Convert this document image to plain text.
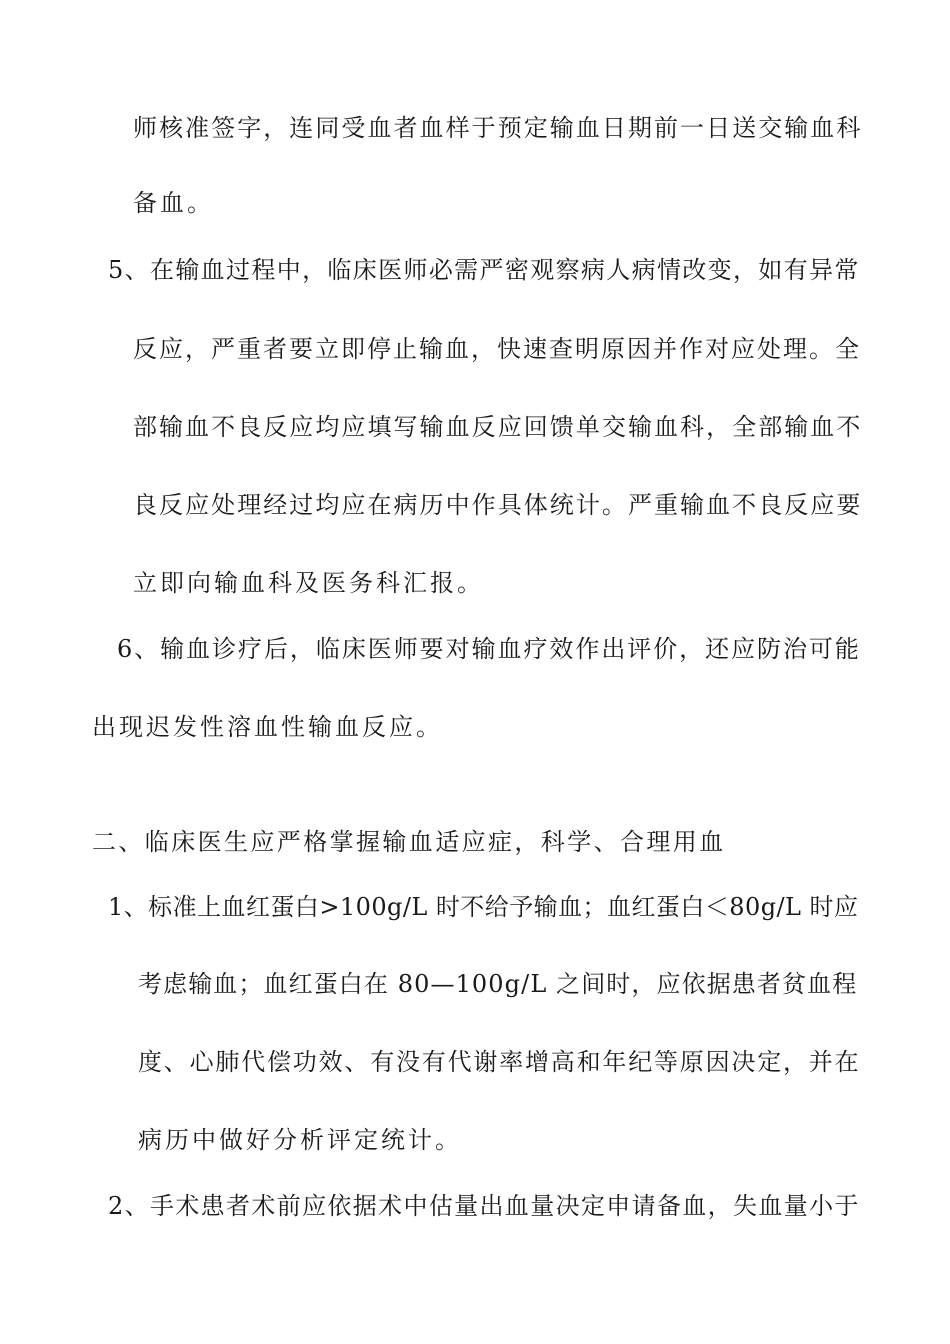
师核准签字，连同受血者血样于预定输血日期前一日送交输血科
备血。
5、在输血过程中，临床医师必需严密观察病人病情改变，如有异常
反应，严重者要立即停止输血，快速查明原因并作对应处理。全
部输血不良反应均应填写输血反应回馈单交输血科，全部输血不
良反应处理经过均应在病历中作具体统计。严重输血不良反应要
立即向输血科及医务科汇报。
6、输血诊疗后，临床医师要对输血疗效作出评价，还应防治可能
出现迟发性溶血性输血反应。
二、临床医生应严格掌握输血适应症，科学、合理用血
1、标准上血红蛋白>100g/L 时不给予输血；血红蛋白＜80g/L 时应
考虑输血；血红蛋白在 80—100g/L 之间时，应依据患者贫血程
度、心肺代偿功效、有没有代谢率增高和年纪等原因决定，并在
病历中做好分析评定统计。
2、手术患者术前应依据术中估量出血量决定申请备血，失血量小于
